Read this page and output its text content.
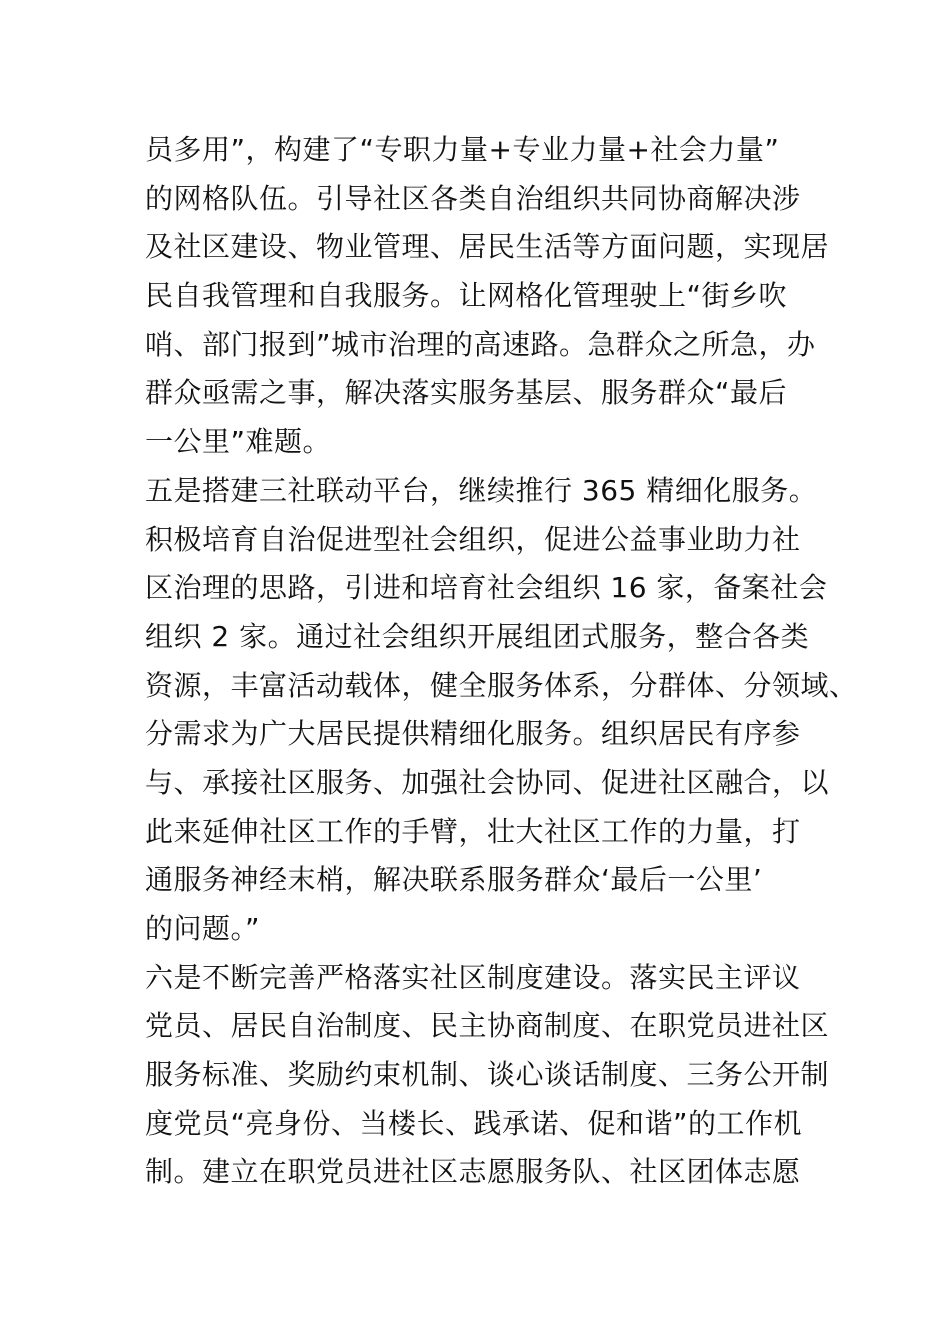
员多用”，构建了“专职力量+专业力量+社会力量”
的网格队伍。引导社区各类自治组织共同协商解决涉
及社区建设、物业管理、居民生活等方面问题，实现居
民自我管理和自我服务。让网格化管理驶上“街乡吹
哨、部门报到”城市治理的高速路。急群众之所急，办
群众亟需之事，解决落实服务基层、服务群众“最后
一公里”难题。
五是搭建三社联动平台，继续推行 365 精细化服务。
积极培育自治促进型社会组织，促进公益事业助力社
区治理的思路，引进和培育社会组织 16 家，备案社会
组织 2 家。通过社会组织开展组团式服务，整合各类
资源，丰富活动载体，健全服务体系，分群体、分领域、
分需求为广大居民提供精细化服务。组织居民有序参
与、承接社区服务、加强社会协同、促进社区融合，以
此来延伸社区工作的手臂，壮大社区工作的力量，打
通服务神经末梢，解决联系服务群众‘最后一公里’
的问题。”
六是不断完善严格落实社区制度建设。落实民主评议
党员、居民自治制度、民主协商制度、在职党员进社区
服务标准、奖励约束机制、谈心谈话制度、三务公开制
度党员“亮身份、当楼长、践承诺、促和谐”的工作机
制。建立在职党员进社区志愿服务队、社区团体志愿
